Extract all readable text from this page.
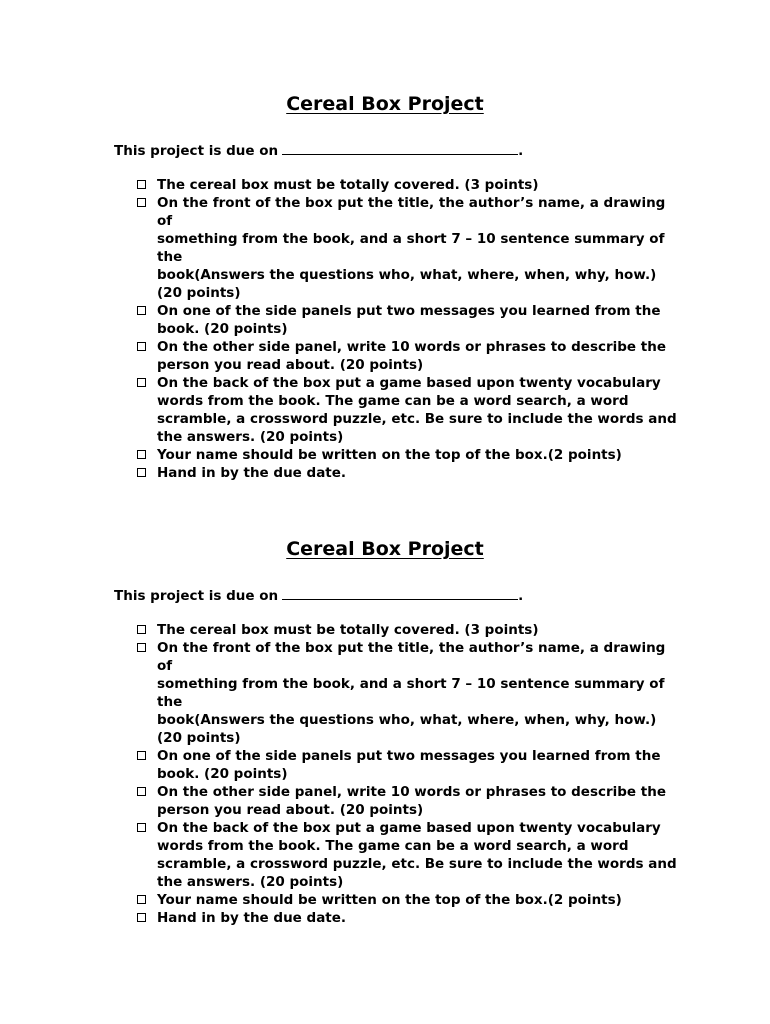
Cereal Box Project
This project is due on	.
The cereal box must be totally covered. (3 points)
On the front of the box put the title, the author’s name, a drawing of
something from the book, and a short 7 – 10 sentence summary of the
book(Answers the questions who, what, where, when, why, how.)
(20 points)
On one of the side panels put two messages you learned from the
book. (20 points)
On the other side panel, write 10 words or phrases to describe the
person you read about. (20 points)
On the back of the box put a game based upon twenty vocabulary
words from the book. The game can be a word search, a word
scramble, a crossword puzzle, etc. Be sure to include the words and
the answers. (20 points)
Your name should be written on the top of the box.(2 points)
Hand in by the due date.
Cereal Box Project
This project is due on	.
The cereal box must be totally covered. (3 points)
On the front of the box put the title, the author’s name, a drawing of
something from the book, and a short 7 – 10 sentence summary of the
book(Answers the questions who, what, where, when, why, how.)
(20 points)
On one of the side panels put two messages you learned from the
book. (20 points)
On the other side panel, write 10 words or phrases to describe the
person you read about. (20 points)
On the back of the box put a game based upon twenty vocabulary
words from the book. The game can be a word search, a word
scramble, a crossword puzzle, etc. Be sure to include the words and
the answers. (20 points)
Your name should be written on the top of the box.(2 points)
Hand in by the due date.
